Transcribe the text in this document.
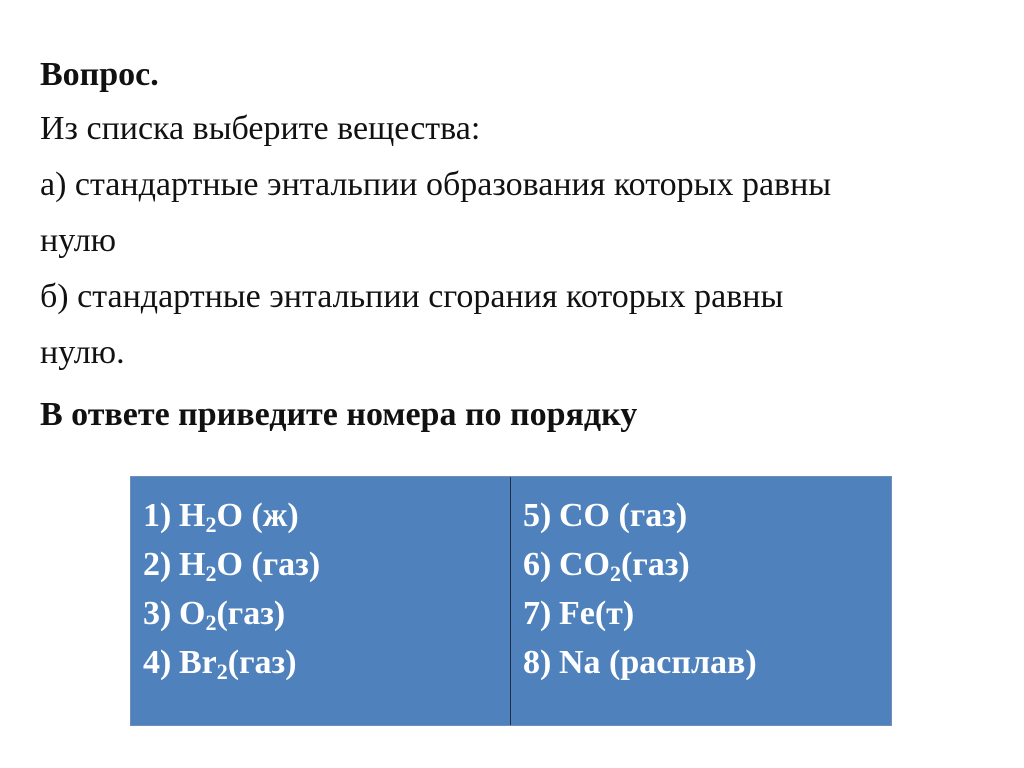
Вопрос.
Из списка выберите вещества:
а) стандартные энтальпии образования которых равны
нулю
б) стандартные энтальпии сгорания которых равны
нулю.
В ответе приведите номера по порядку
1) $H_2O$ (ж)
2) $H_2O$ (газ)
3) $O_2(газ)$
4) $Br_2(газ)$
5) CO (газ)
6) $CO_2(газ)$
7) Fe(т)
8) Na (расплав)
